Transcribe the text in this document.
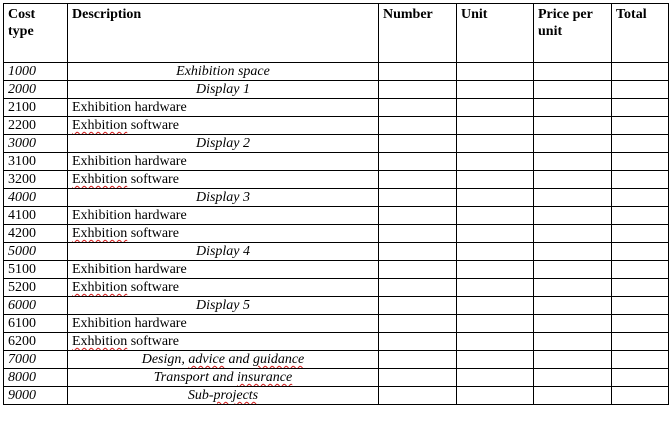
Cost type	Description	Number	Unit	Price per unit	Total
1000	Exhibition space				
2000	Display 1				
2100	Exhibition hardware				
2200	Exhbition software				
3000	Display 2				
3100	Exhibition hardware				
3200	Exhbition software				
4000	Display 3				
4100	Exhibition hardware				
4200	Exhbition software				
5000	Display 4				
5100	Exhibition hardware				
5200	Exhbition software				
6000	Display 5				
6100	Exhibition hardware				
6200	Exhbition software				
7000	Design, advice and guidance				
8000	Transport and insurance				
9000	Sub-projects				
